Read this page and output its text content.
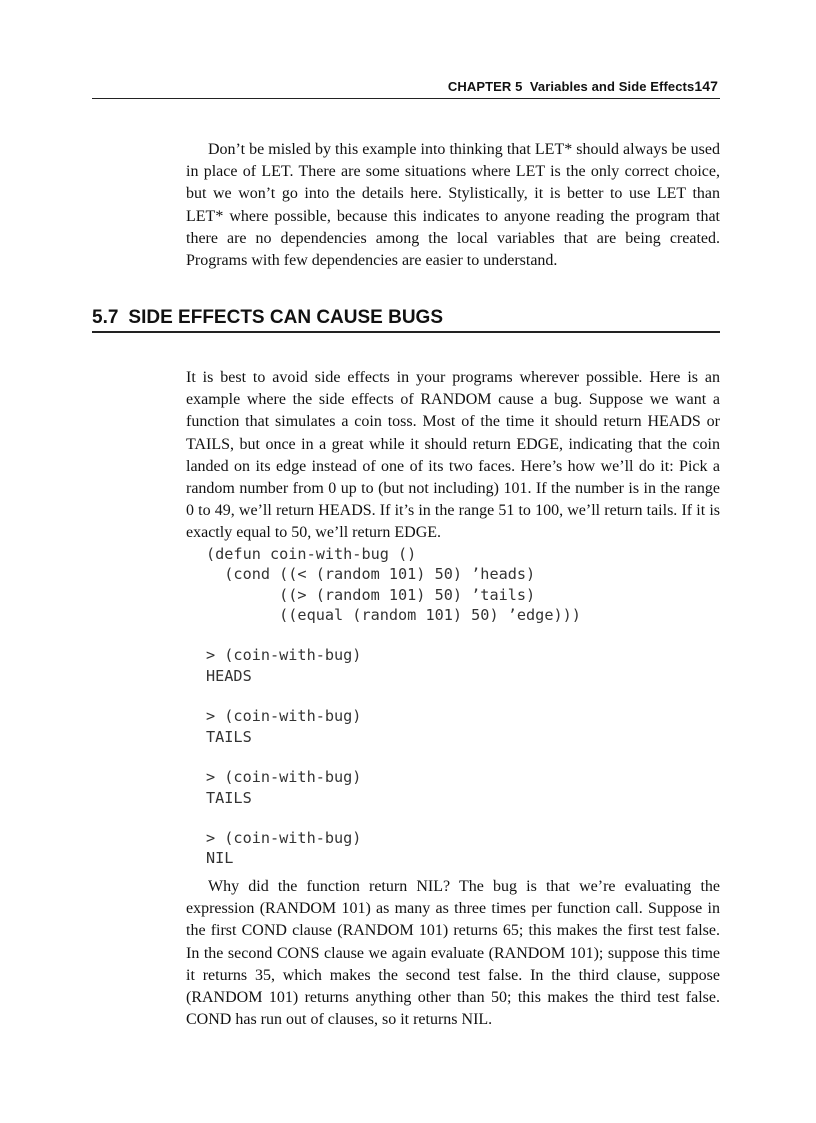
CHAPTER 5 Variables and Side Effects147

Don’t be misled by this example into thinking that LET* should always be used in place of LET. There are some situations where LET is the only correct choice, but we won’t go into the details here. Stylistically, it is better to use LET than LET* where possible, because this indicates to anyone reading the program that there are no dependencies among the local variables that are being created. Programs with few dependencies are easier to understand.

5.7 SIDE EFFECTS CAN CAUSE BUGS

It is best to avoid side effects in your programs wherever possible. Here is an example where the side effects of RANDOM cause a bug. Suppose we want a function that simulates a coin toss. Most of the time it should return HEADS or TAILS, but once in a great while it should return EDGE, indicating that the coin landed on its edge instead of one of its two faces. Here’s how we’ll do it: Pick a random number from 0 up to (but not including) 101. If the number is in the range 0 to 49, we’ll return HEADS. If it’s in the range 51 to 100, we’ll return tails. If it is exactly equal to 50, we’ll return EDGE.

(defun coin-with-bug ()
(cond ((< (random 101) 50) ’heads)
((> (random 101) 50) ’tails)
((equal (random 101) 50) ’edge)))

> (coin-with-bug)
HEADS

> (coin-with-bug)
TAILS

> (coin-with-bug)
TAILS

> (coin-with-bug)
NIL

Why did the function return NIL? The bug is that we’re evaluating the expression (RANDOM 101) as many as three times per function call. Suppose in the first COND clause (RANDOM 101) returns 65; this makes the first test false. In the second CONS clause we again evaluate (RANDOM 101); suppose this time it returns 35, which makes the second test false. In the third clause, suppose (RANDOM 101) returns anything other than 50; this makes the third test false. COND has run out of clauses, so it returns NIL.
